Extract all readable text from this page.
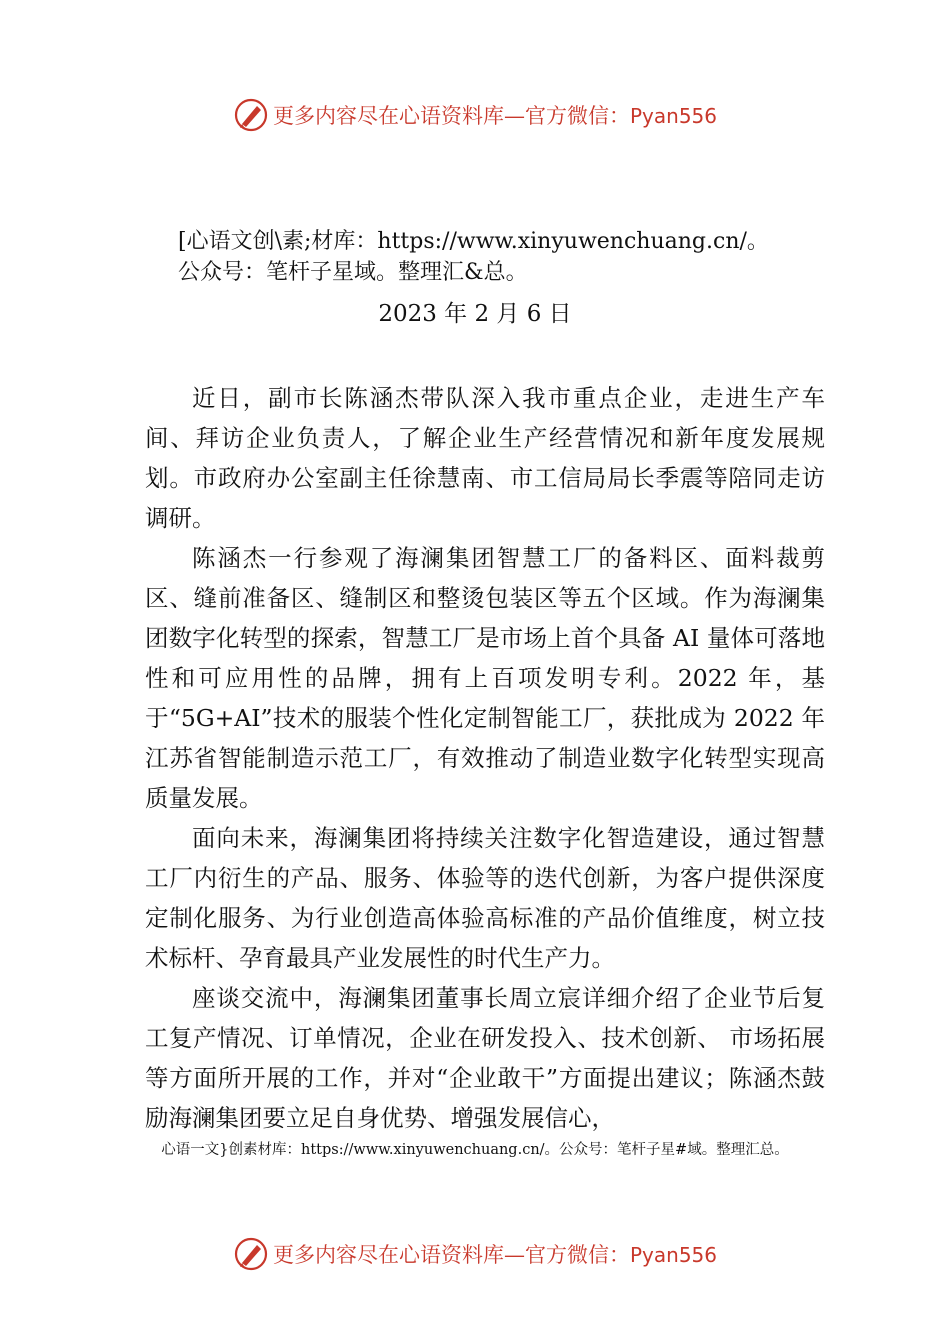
更多内容尽在心语资料库—官方微信：Pyan556
[心语文创\素;材库：https://www.xinyuwenchuang.cn/。
公众号：笔杆子星域。整理汇&总。
2023 年 2 月 6 日

近日，副市长陈涵杰带队深入我市重点企业，走进生产车间、拜访企业负责人，了解企业生产经营情况和新年度发展规划。市政府办公室副主任徐慧南、市工信局局长季震等陪同走访调研。

陈涵杰一行参观了海澜集团智慧工厂的备料区、面料裁剪区、缝前准备区、缝制区和整烫包装区等五个区域。作为海澜集团数字化转型的探索，智慧工厂是市场上首个具备 AI 量体可落地性和可应用性的品牌，拥有上百项发明专利。2022 年，基于“5G+AI”技术的服装个性化定制智能工厂，获批成为 2022 年江苏省智能制造示范工厂，有效推动了制造业数字化转型实现高质量发展。

面向未来，海澜集团将持续关注数字化智造建设，通过智慧工厂内衍生的产品、服务、体验等的迭代创新，为客户提供深度定制化服务、为行业创造高体验高标准的产品价值维度，树立技术标杆、孕育最具产业发展性的时代生产力。

座谈交流中，海澜集团董事长周立宸详细介绍了企业节后复工复产情况、订单情况，企业在研发投入、技术创新、 市场拓展等方面所开展的工作，并对“企业敢干”方面提出建议；陈涵杰鼓励海澜集团要立足自身优势、增强发展信心，

心语一文}创素材库：https://www.xinyuwenchuang.cn/。公众号：笔杆子星#域。整理汇总。
更多内容尽在心语资料库—官方微信：Pyan556
